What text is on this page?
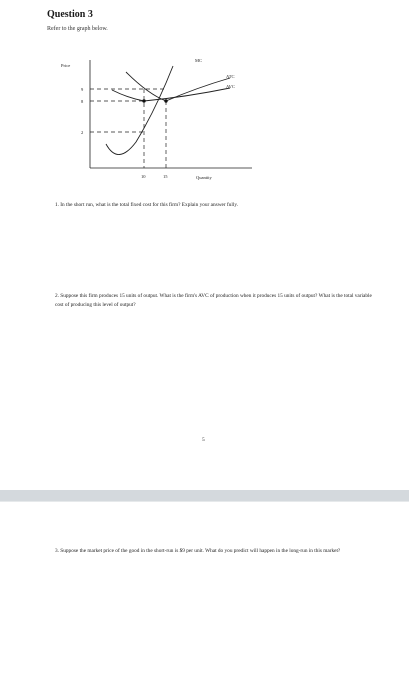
Question 3
Refer to the graph below.
Price
Quantity
9
8
2
10	15
MC
ATC
AVC
1. In the short run, what is the total fixed cost for this firm? Explain your answer fully.
2. Suppose this firm produces 15 units of output. What is the firm's AVC of production when it produces 15 units of output? What is the total variable cost of producing this level of output?
5
3. Suppose the market price of the good in the short-run is $9 per unit. What do you predict will happen in the long-run in this market?
